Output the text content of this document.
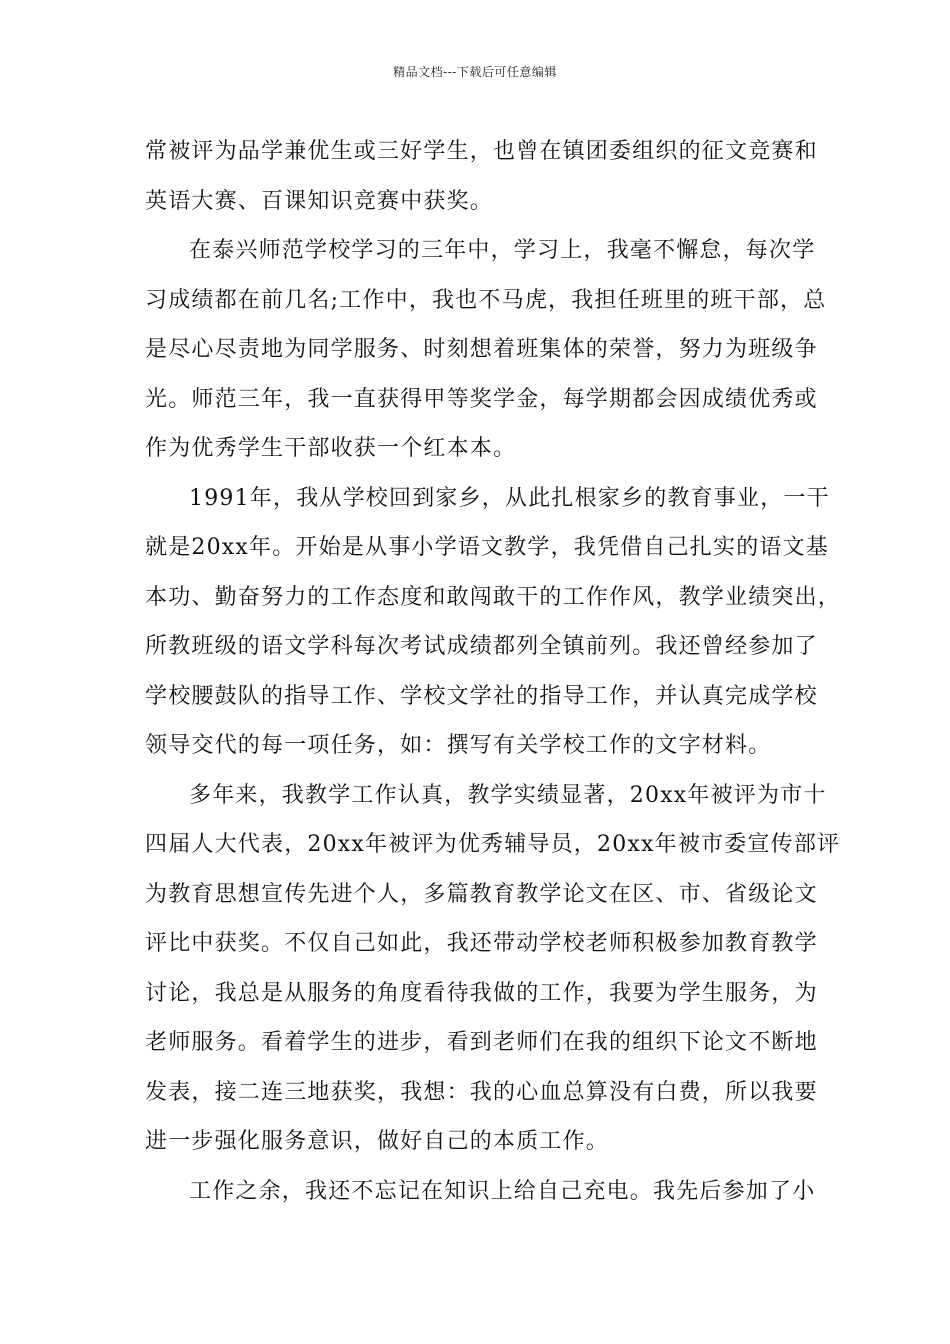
精品文档---下载后可任意编辑
常被评为品学兼优生或三好学生，也曾在镇团委组织的征文竞赛和
英语大赛、百课知识竞赛中获奖。
在泰兴师范学校学习的三年中，学习上，我毫不懈怠，每次学
习成绩都在前几名;工作中，我也不马虎，我担任班里的班干部，总
是尽心尽责地为同学服务、时刻想着班集体的荣誉，努力为班级争
光。师范三年，我一直获得甲等奖学金，每学期都会因成绩优秀或
作为优秀学生干部收获一个红本本。
1991年，我从学校回到家乡，从此扎根家乡的教育事业，一干
就是20xx年。开始是从事小学语文教学，我凭借自己扎实的语文基
本功、勤奋努力的工作态度和敢闯敢干的工作作风，教学业绩突出，
所教班级的语文学科每次考试成绩都列全镇前列。我还曾经参加了
学校腰鼓队的指导工作、学校文学社的指导工作，并认真完成学校
领导交代的每一项任务，如：撰写有关学校工作的文字材料。
多年来，我教学工作认真，教学实绩显著，20xx年被评为市十
四届人大代表，20xx年被评为优秀辅导员，20xx年被市委宣传部评
为教育思想宣传先进个人，多篇教育教学论文在区、市、省级论文
评比中获奖。不仅自己如此，我还带动学校老师积极参加教育教学
讨论，我总是从服务的角度看待我做的工作，我要为学生服务，为
老师服务。看着学生的进步，看到老师们在我的组织下论文不断地
发表，接二连三地获奖，我想：我的心血总算没有白费，所以我要
进一步强化服务意识，做好自己的本质工作。
工作之余，我还不忘记在知识上给自己充电。我先后参加了小
